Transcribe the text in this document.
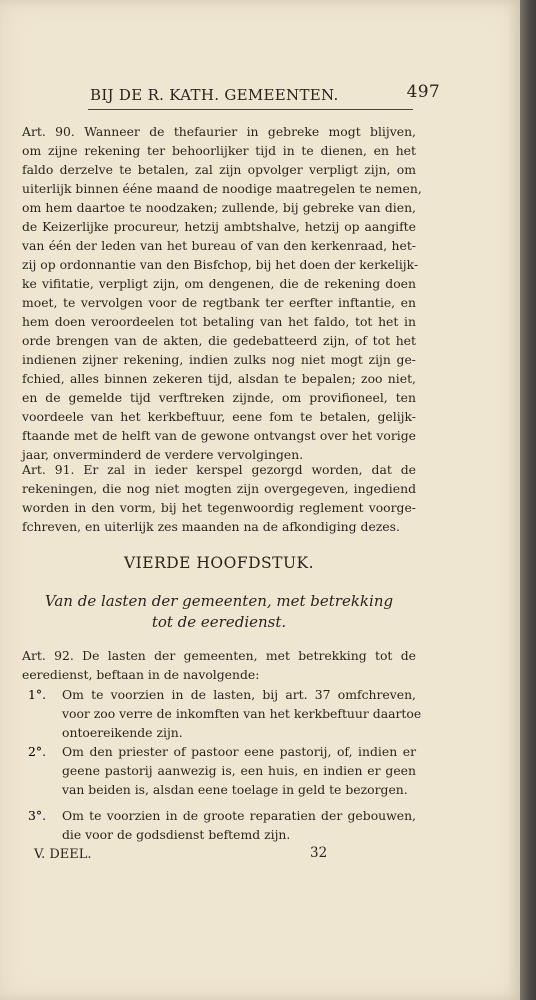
BIJ DE R. KATH. GEMEENTEN.	497
Art. 90. Wanneer de thefaurier in gebreke mogt blijven,
om zijne rekening ter behoorlijker tijd in te dienen, en het
faldo derzelve te betalen, zal zijn opvolger verpligt zijn, om
uiterlijk binnen ééne maand de noodige maatregelen te nemen,
om hem daartoe te noodzaken; zullende, bij gebreke van dien,
de Keizerlijke procureur, hetzij ambtshalve, hetzij op aangifte
van één der leden van het bureau of van den kerkenraad, het-
zij op ordonnantie van den Bisfchop, bij het doen der kerkelijk-
ke vifitatie, verpligt zijn, om dengenen, die de rekening doen
moet, te vervolgen voor de regtbank ter eerfter inftantie, en
hem doen veroordeelen tot betaling van het faldo, tot het in
orde brengen van de akten, die gedebatteerd zijn, of tot het
indienen zijner rekening, indien zulks nog niet mogt zijn ge-
fchied, alles binnen zekeren tijd, alsdan te bepalen; zoo niet,
en de gemelde tijd verftreken zijnde, om provifioneel, ten
voordeele van het kerkbeftuur, eene fom te betalen, gelijk-
ftaande met de helft van de gewone ontvangst over het vorige
jaar, onverminderd de verdere vervolgingen.
Art. 91. Er zal in ieder kerspel gezorgd worden, dat de
rekeningen, die nog niet mogten zijn overgegeven, ingediend
worden in den vorm, bij het tegenwoordig reglement voorge-
fchreven, en uiterlijk zes maanden na de afkondiging dezes.
VIERDE HOOFDSTUK.
Van de lasten der gemeenten, met betrekking
tot de eeredienst.
Art. 92. De lasten der gemeenten, met betrekking tot de
eeredienst, beftaan in de navolgende:
1°.	Om te voorzien in de lasten, bij art. 37 omfchreven,
voor zoo verre de inkomften van het kerkbeftuur daartoe
ontoereikende zijn.
2°.	Om den priester of pastoor eene pastorij, of, indien er
geene pastorij aanwezig is, een huis, en indien er geen
van beiden is, alsdan eene toelage in geld te bezorgen.
3°.	Om te voorzien in de groote reparatien der gebouwen,
die voor de godsdienst beftemd zijn.
V. DEEL.	32
